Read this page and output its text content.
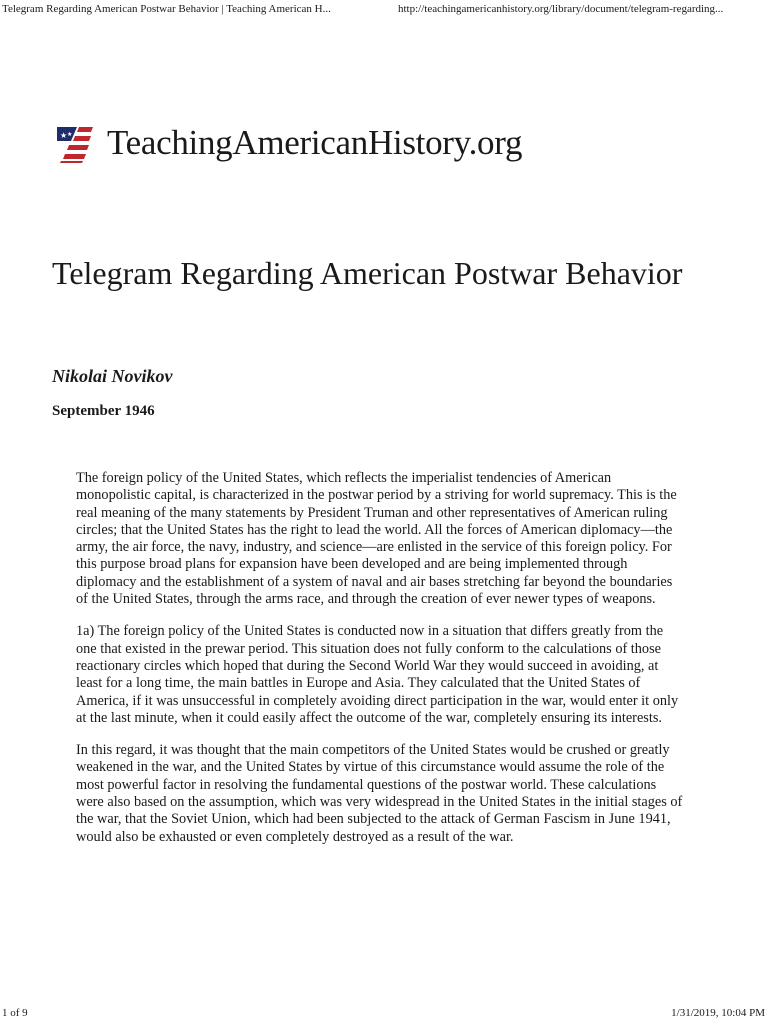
Telegram Regarding American Postwar Behavior | Teaching American H...	http://teachingamericanhistory.org/library/document/telegram-regarding...
★ ★ TeachingAmericanHistory.org
Telegram Regarding American Postwar Behavior
Nikolai Novikov
September 1946

The foreign policy of the United States, which reflects the imperialist tendencies of American monopolistic capital, is characterized in the postwar period by a striving for world supremacy. This is the real meaning of the many statements by President Truman and other representatives of American ruling circles; that the United States has the right to lead the world. All the forces of American diplomacy—the army, the air force, the navy, industry, and science—are enlisted in the service of this foreign policy. For this purpose broad plans for expansion have been developed and are being implemented through diplomacy and the establishment of a system of naval and air bases stretching far beyond the boundaries of the United States, through the arms race, and through the creation of ever newer types of weapons.

1a) The foreign policy of the United States is conducted now in a situation that differs greatly from the one that existed in the prewar period. This situation does not fully conform to the calculations of those reactionary circles which hoped that during the Second World War they would succeed in avoiding, at least for a long time, the main battles in Europe and Asia. They calculated that the United States of America, if it was unsuccessful in completely avoiding direct participation in the war, would enter it only at the last minute, when it could easily affect the outcome of the war, completely ensuring its interests.

In this regard, it was thought that the main competitors of the United States would be crushed or greatly weakened in the war, and the United States by virtue of this circumstance would assume the role of the most powerful factor in resolving the fundamental questions of the postwar world. These calculations were also based on the assumption, which was very widespread in the United States in the initial stages of the war, that the Soviet Union, which had been subjected to the attack of German Fascism in June 1941, would also be exhausted or even completely destroyed as a result of the war.

1 of 9	1/31/2019, 10:04 PM
